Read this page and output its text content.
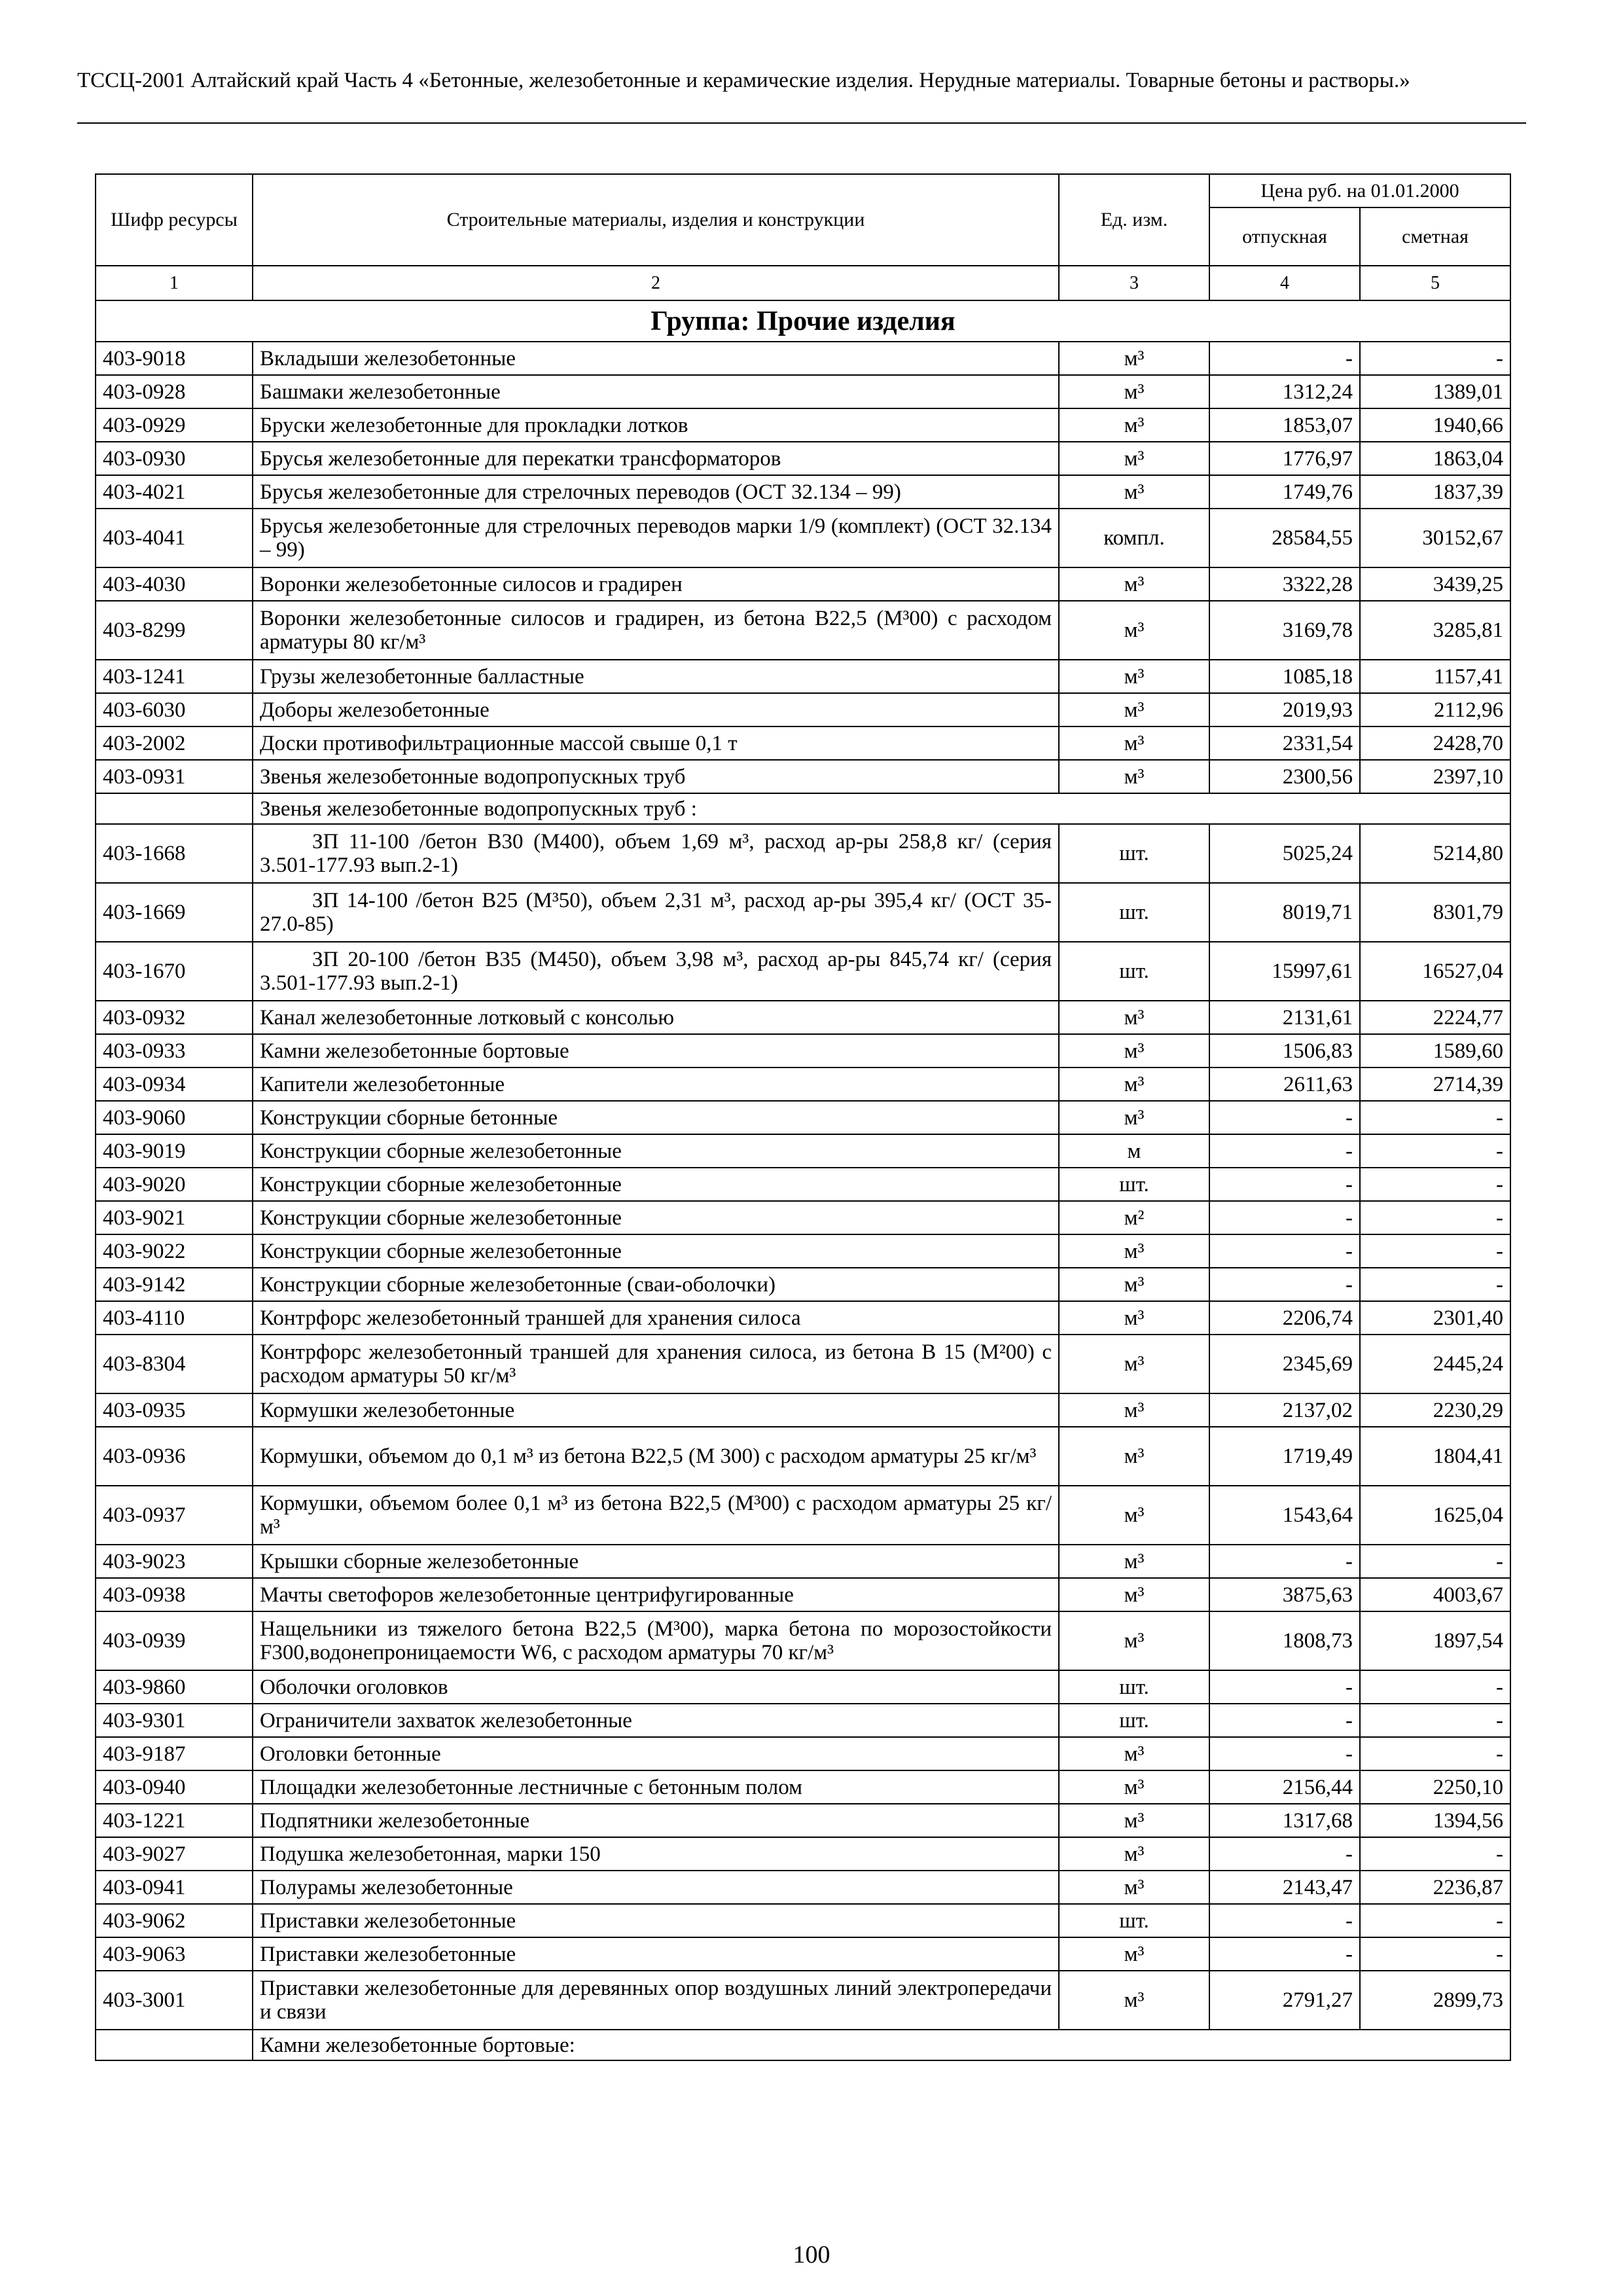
ТССЦ-2001 Алтайский край Часть 4 «Бетонные, железобетонные и керамические изделия. Нерудные материалы. Товарные бетоны и растворы.»
Шифр ресурсы	Строительные материалы, изделия и конструкции	Ед. изм.	Цена руб. на 01.01.2000	
			отпускная	сметная
1	2	3	4	5
Группа: Прочие изделия				
403-9018	Вкладыши железобетонные	м³	-	-
403-0928	Башмаки железобетонные	м³	1312,24	1389,01
403-0929	Бруски железобетонные для прокладки лотков	м³	1853,07	1940,66
403-0930	Брусья железобетонные для перекатки трансформаторов	м³	1776,97	1863,04
403-4021	Брусья железобетонные для стрелочных переводов (ОСТ 32.134 – 99)	м³	1749,76	1837,39
403-4041	Брусья железобетонные для стрелочных переводов марки 1/9 (комплект) (ОСТ 32.134 – 99)	компл.	28584,55	30152,67
403-4030	Воронки железобетонные силосов и градирен	м³	3322,28	3439,25
403-8299	Воронки железобетонные силосов и градирен, из бетона В22,5 (М³00) с расходом арматуры 80 кг/м³	м³	3169,78	3285,81
403-1241	Грузы железобетонные балластные	м³	1085,18	1157,41
403-6030	Доборы железобетонные	м³	2019,93	2112,96
403-2002	Доски противофильтрационные массой свыше 0,1 т	м³	2331,54	2428,70
403-0931	Звенья железобетонные водопропускных труб	м³	2300,56	2397,10
	Звенья железобетонные водопропускных труб :			
403-1668	ЗП 11-100 /бетон В30 (М400), объем 1,69 м³, расход ар-ры 258,8 кг/ (серия 3.501-177.93 вып.2-1)	шт.	5025,24	5214,80
403-1669	ЗП 14-100 /бетон В25 (М³50), объем 2,31 м³, расход ар-ры 395,4 кг/ (ОСТ 35-27.0-85)	шт.	8019,71	8301,79
403-1670	ЗП 20-100 /бетон В35 (М450), объем 3,98 м³, расход ар-ры 845,74 кг/ (серия 3.501-177.93 вып.2-1)	шт.	15997,61	16527,04
403-0932	Канал железобетонные лотковый с консолью	м³	2131,61	2224,77
403-0933	Камни железобетонные бортовые	м³	1506,83	1589,60
403-0934	Капители железобетонные	м³	2611,63	2714,39
403-9060	Конструкции сборные бетонные	м³	-	-
403-9019	Конструкции сборные железобетонные	м	-	-
403-9020	Конструкции сборные железобетонные	шт.	-	-
403-9021	Конструкции сборные железобетонные	м²	-	-
403-9022	Конструкции сборные железобетонные	м³	-	-
403-9142	Конструкции сборные железобетонные (сваи-оболочки)	м³	-	-
403-4110	Контрфорс железобетонный траншей для хранения силоса	м³	2206,74	2301,40
403-8304	Контрфорс железобетонный траншей для хранения силоса, из бетона В 15 (М²00) с расходом арматуры 50 кг/м³	м³	2345,69	2445,24
403-0935	Кормушки железобетонные	м³	2137,02	2230,29
403-0936	Кормушки, объемом до 0,1 м³ из бетона В22,5 (М 300) с расходом арматуры 25 кг/м³	м³	1719,49	1804,41
403-0937	Кормушки, объемом более 0,1 м³ из бетона В22,5 (М³00) с расходом арматуры 25 кг/м³	м³	1543,64	1625,04
403-9023	Крышки сборные железобетонные	м³	-	-
403-0938	Мачты светофоров железобетонные центрифугированные	м³	3875,63	4003,67
403-0939	Нащельники из тяжелого бетона В22,5 (М³00), марка бетона по морозостойкости F300,водонепроницаемости W6, с расходом арматуры 70 кг/м³	м³	1808,73	1897,54
403-9860	Оболочки оголовков	шт.	-	-
403-9301	Ограничители захваток железобетонные	шт.	-	-
403-9187	Оголовки бетонные	м³	-	-
403-0940	Площадки железобетонные лестничные с бетонным полом	м³	2156,44	2250,10
403-1221	Подпятники железобетонные	м³	1317,68	1394,56
403-9027	Подушка железобетонная, марки 150	м³	-	-
403-0941	Полурамы железобетонные	м³	2143,47	2236,87
403-9062	Приставки железобетонные	шт.	-	-
403-9063	Приставки железобетонные	м³	-	-
403-3001	Приставки железобетонные для деревянных опор воздушных линий электропередачи и связи	м³	2791,27	2899,73
	Камни железобетонные бортовые:			
100
